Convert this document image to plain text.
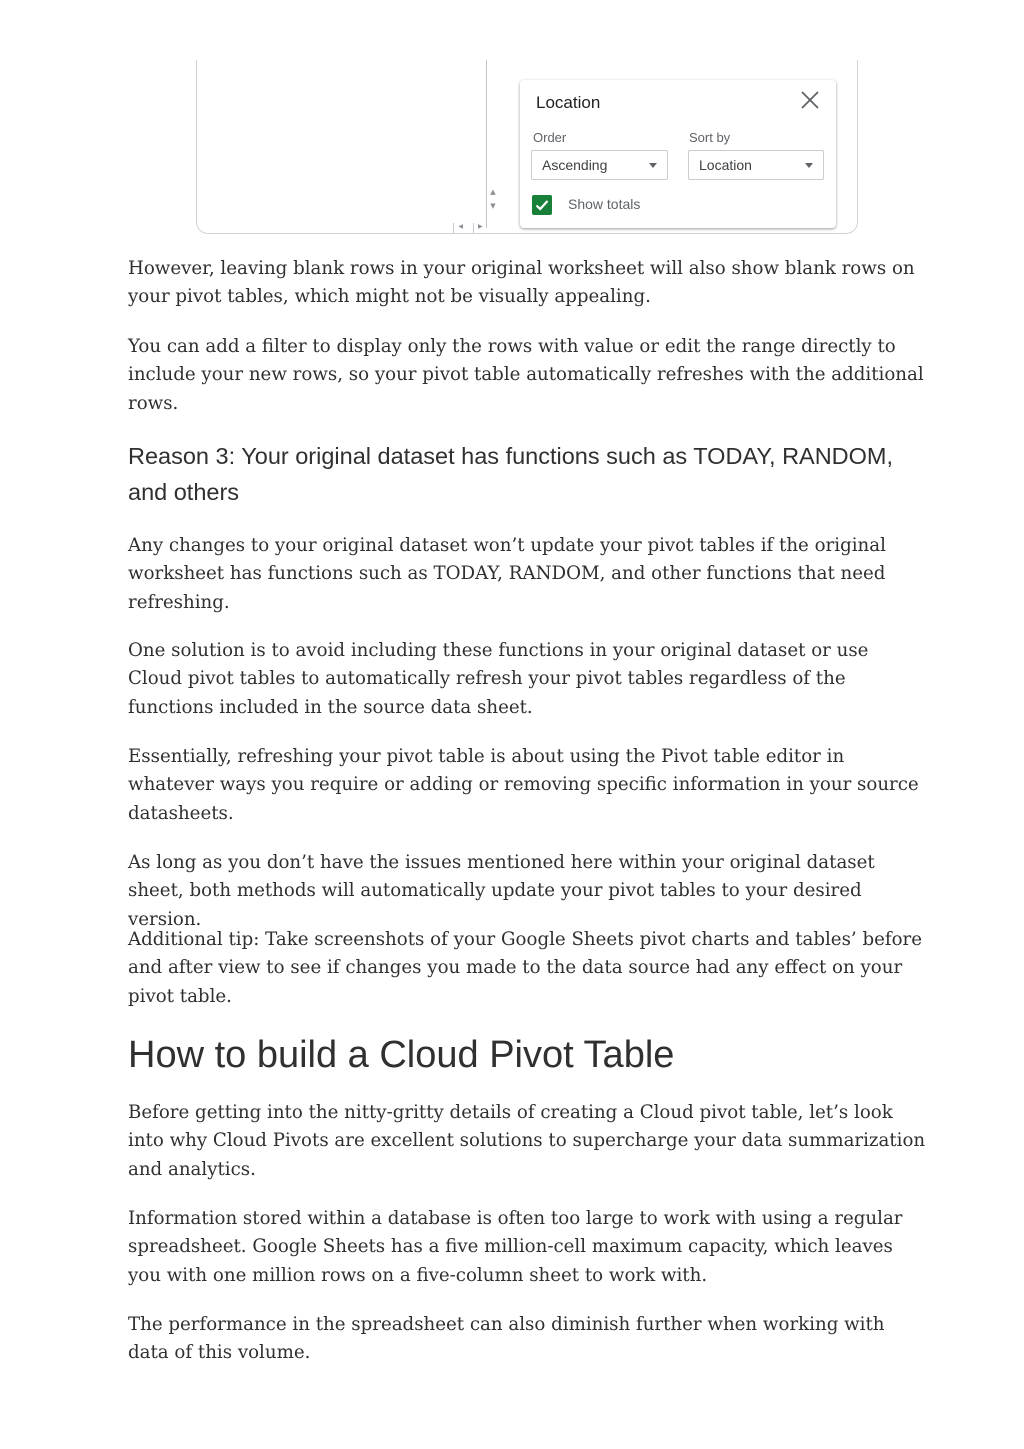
▲
▼
◀	▶
Location
Order
Ascending
Sort by
Location
Show totals

However, leaving blank rows in your original worksheet will also show blank rows on your pivot tables, which might not be visually appealing.

You can add a filter to display only the rows with value or edit the range directly to include your new rows, so your pivot table automatically refreshes with the additional rows.

Reason 3: Your original dataset has functions such as TODAY, RANDOM, and others

Any changes to your original dataset won’t update your pivot tables if the original worksheet has functions such as TODAY, RANDOM, and other functions that need refreshing.

One solution is to avoid including these functions in your original dataset or use Cloud pivot tables to automatically refresh your pivot tables regardless of the functions included in the source data sheet.

Essentially, refreshing your pivot table is about using the Pivot table editor in whatever ways you require or adding or removing specific information in your source datasheets.

As long as you don’t have the issues mentioned here within your original dataset sheet, both methods will automatically update your pivot tables to your desired version.

Additional tip: Take screenshots of your Google Sheets pivot charts and tables’ before and after view to see if changes you made to the data source had any effect on your pivot table.

How to build a Cloud Pivot Table

Before getting into the nitty-gritty details of creating a Cloud pivot table, let’s look into why Cloud Pivots are excellent solutions to supercharge your data summarization and analytics.

Information stored within a database is often too large to work with using a regular spreadsheet. Google Sheets has a five million-cell maximum capacity, which leaves you with one million rows on a five-column sheet to work with.

The performance in the spreadsheet can also diminish further when working with data of this volume.
